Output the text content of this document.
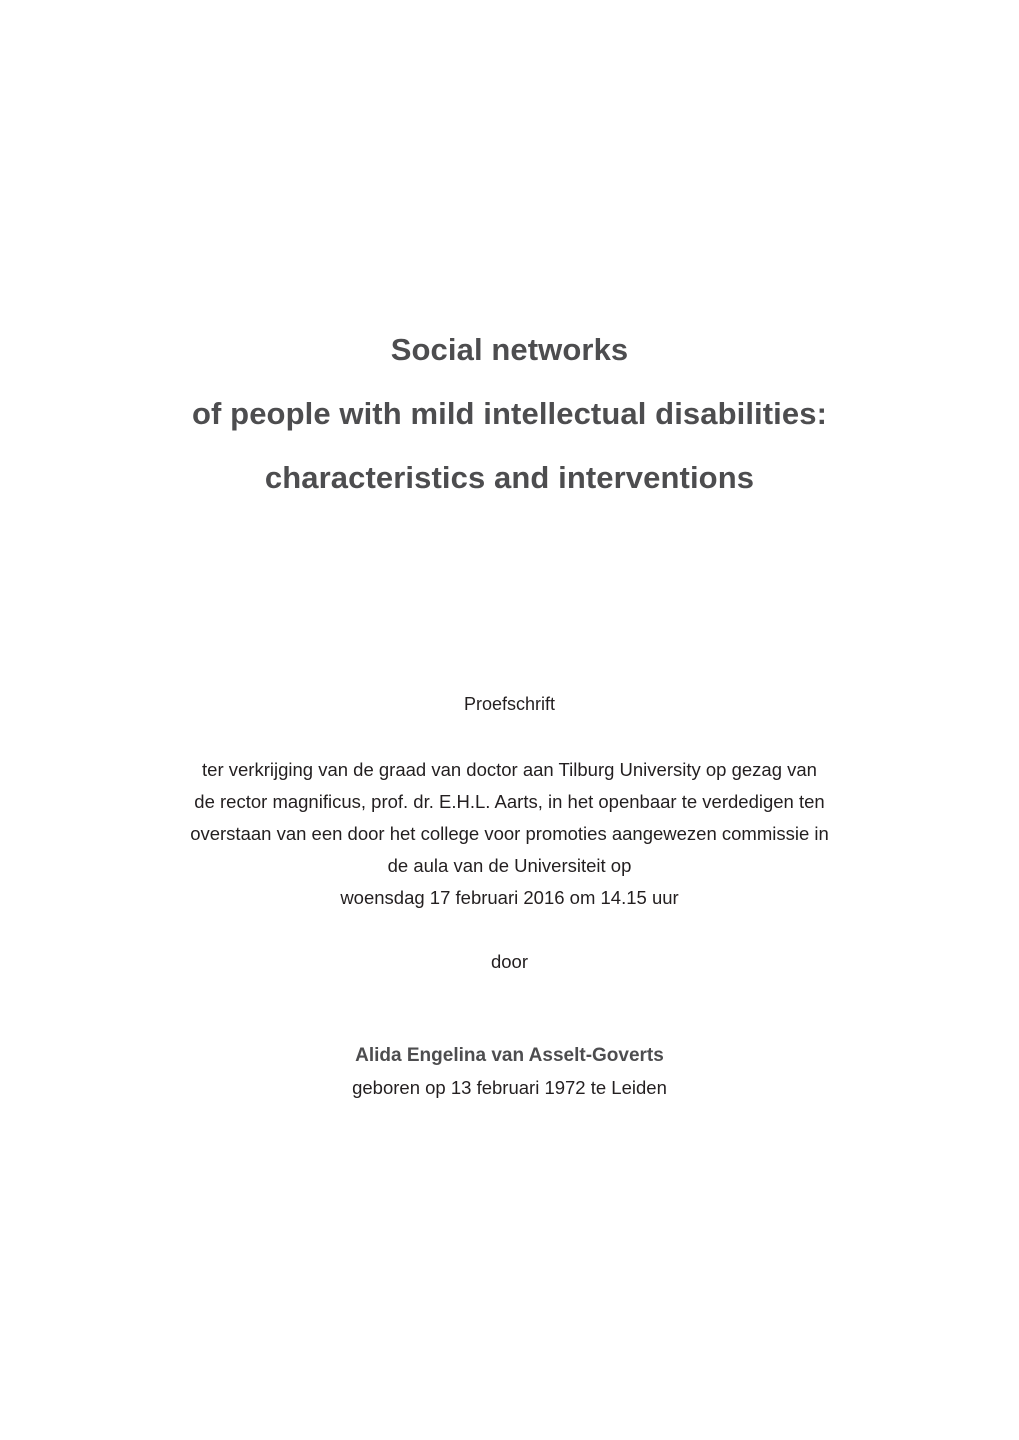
Social networks
of people with mild intellectual disabilities:
characteristics and interventions
Proefschrift

ter verkrijging van de graad van doctor aan Tilburg University op gezag van

de rector magnificus, prof. dr. E.H.L. Aarts, in het openbaar te verdedigen ten

overstaan van een door het college voor promoties aangewezen commissie in

de aula van de Universiteit op

woensdag 17 februari 2016 om 14.15 uur

door
Alida Engelina van Asselt-Goverts
geboren op 13 februari 1972 te Leiden
